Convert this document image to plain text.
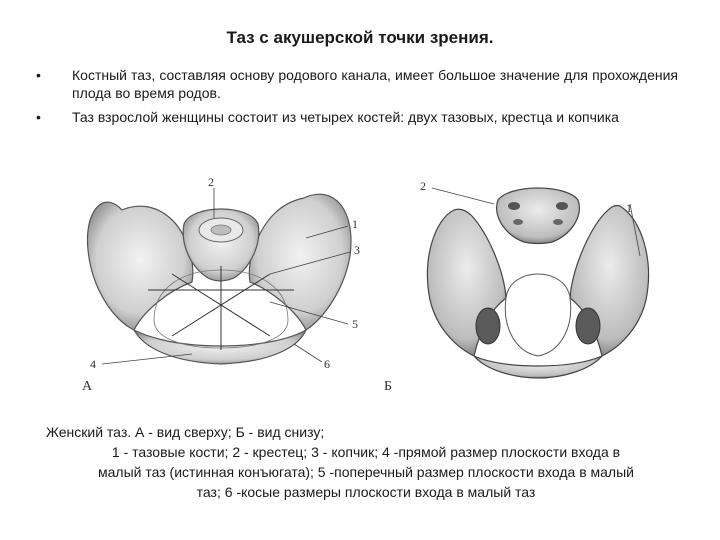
Таз с акушерской точки зрения.
• Костный таз, составляя основу родового канала, имеет большое значение для прохождения плода во время родов.
• Таз взрослой женщины состоит из четырех костей: двух тазовых, крестца и копчика
2
1
3
5
6
4
А
2
1
Б
Женский таз. А - вид сверху; Б - вид снизу;
1 - тазовые кости; 2 - крестец; 3 - копчик; 4 -прямой размер плоскости входа в
малый таз (истинная конъюгата); 5 -поперечный размер плоскости входа в малый
таз; 6 -косые размеры плоскости входа в малый таз
